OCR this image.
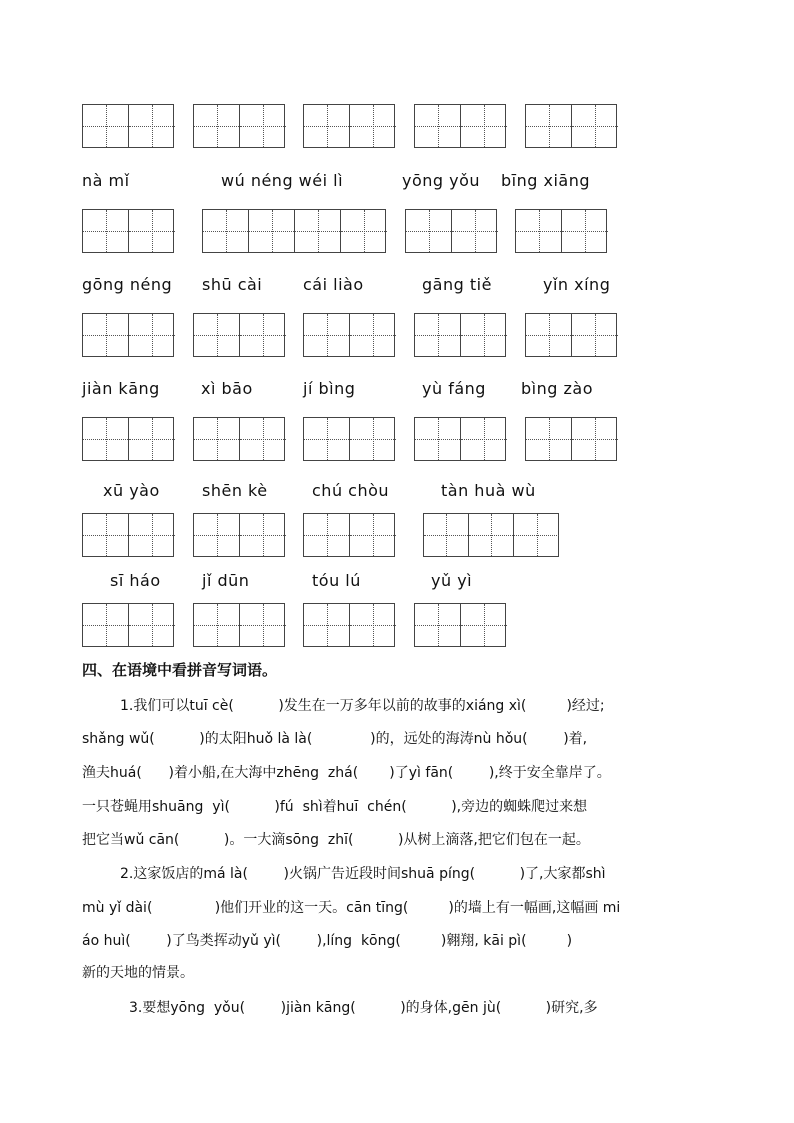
nà mǐ	wú néng wéi lì	yōng yǒu bīng xiāng
gōng néng shū cài	cái liào	gāng tiě	yǐn xíng
jiàn kāng	xì bāo	jí bìng	yù fáng bìng zào
xū yào	shēn kè	chú chòu	tàn huà wù
sī háo	jǐ dūn	tóu lú	yǔ yì
四、在语境中看拼音写词语。
1.我们可以tuī cè(          )发生在一万多年以前的故事的xiáng xì(         )经过;
shǎng wǔ(          )的太阳huǒ là là(             )的，远处的海涛nù hǒu(        )着,
渔夫huá(      )着小船,在大海中zhēng  zhá(       )了yì fān(        ),终于安全靠岸了。
一只苍蝇用shuāng  yì(          )fú  shì着huī  chén(          ),旁边的蜘蛛爬过来想
把它当wǔ cān(          )。一大滴sōng  zhī(          )从树上滴落,把它们包在一起。
2.这家饭店的má là(        )火锅广告近段时间shuā píng(          )了,大家都shì
mù yǐ dài(              )他们开业的这一天。cān tīng(         )的墙上有一幅画,这幅画 mi
áo huì(        )了鸟类挥动yǔ yì(        ),líng  kōng(         )翱翔, kāi pì(         )
新的天地的情景。
3.要想yōng  yǒu(        )jiàn kāng(          )的身体,gēn jù(          )研究,多
